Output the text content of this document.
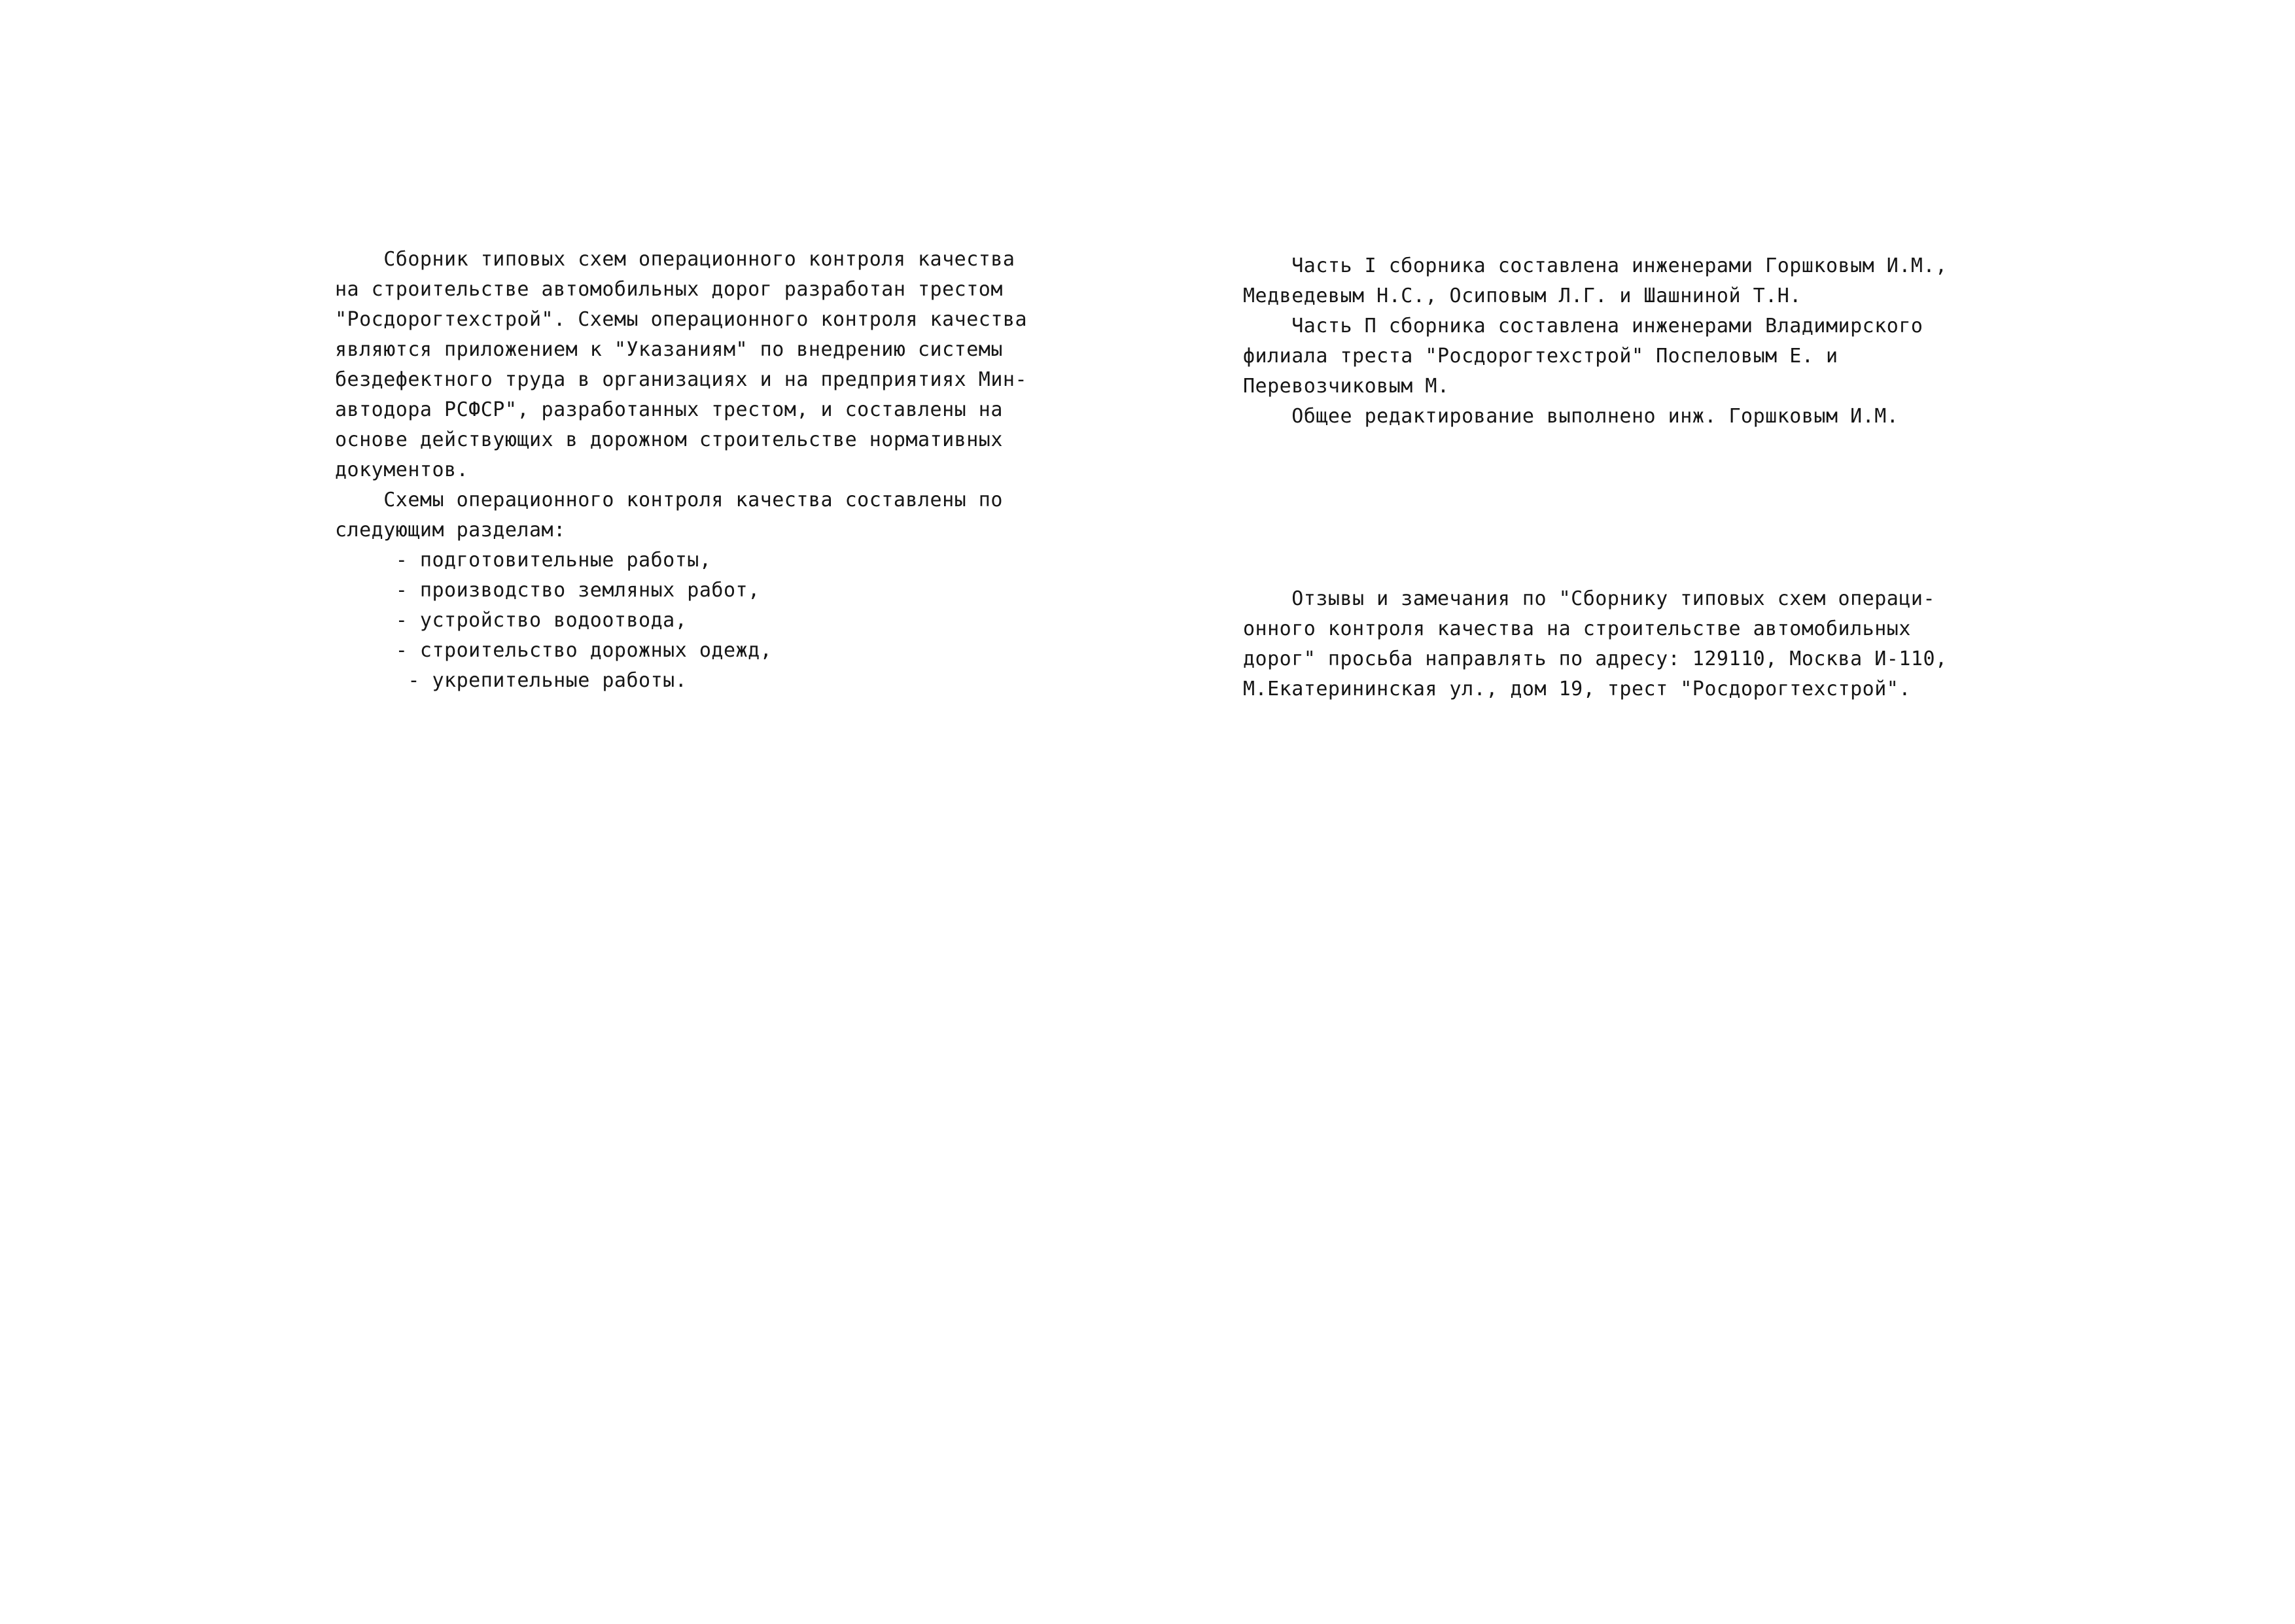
Сборник типовых схем операционного контроля качества
на строительстве автомобильных дорог разработан трестом
"Росдорогтехстрой". Схемы операционного контроля качества
являются приложением к "Указаниям" по внедрению системы
бездефектного труда в организациях и на предприятиях Мин-
автодора РСФСР", разработанных трестом, и составлены на
основе действующих в дорожном строительстве нормативных
документов.
Схемы операционного контроля качества составлены по
следующим разделам:
- подготовительные работы,
- производство земляных работ,
- устройство водоотвода,
- строительство дорожных одежд,
- укрепительные работы.
Часть I сборника составлена инженерами Горшковым И.М.,
Медведевым Н.С., Осиповым Л.Г. и Шашниной Т.Н.
Часть П сборника составлена инженерами Владимирского
филиала треста "Росдорогтехстрой" Поспеловым Е. и
Перевозчиковым М.
Общее редактирование выполнено инж. Горшковым И.М.
Отзывы и замечания по "Сборнику типовых схем операци-
онного контроля качества на строительстве автомобильных
дорог" просьба направлять по адресу: 129110, Москва И-110,
М.Екатерининская ул., дом 19, трест "Росдорогтехстрой".
